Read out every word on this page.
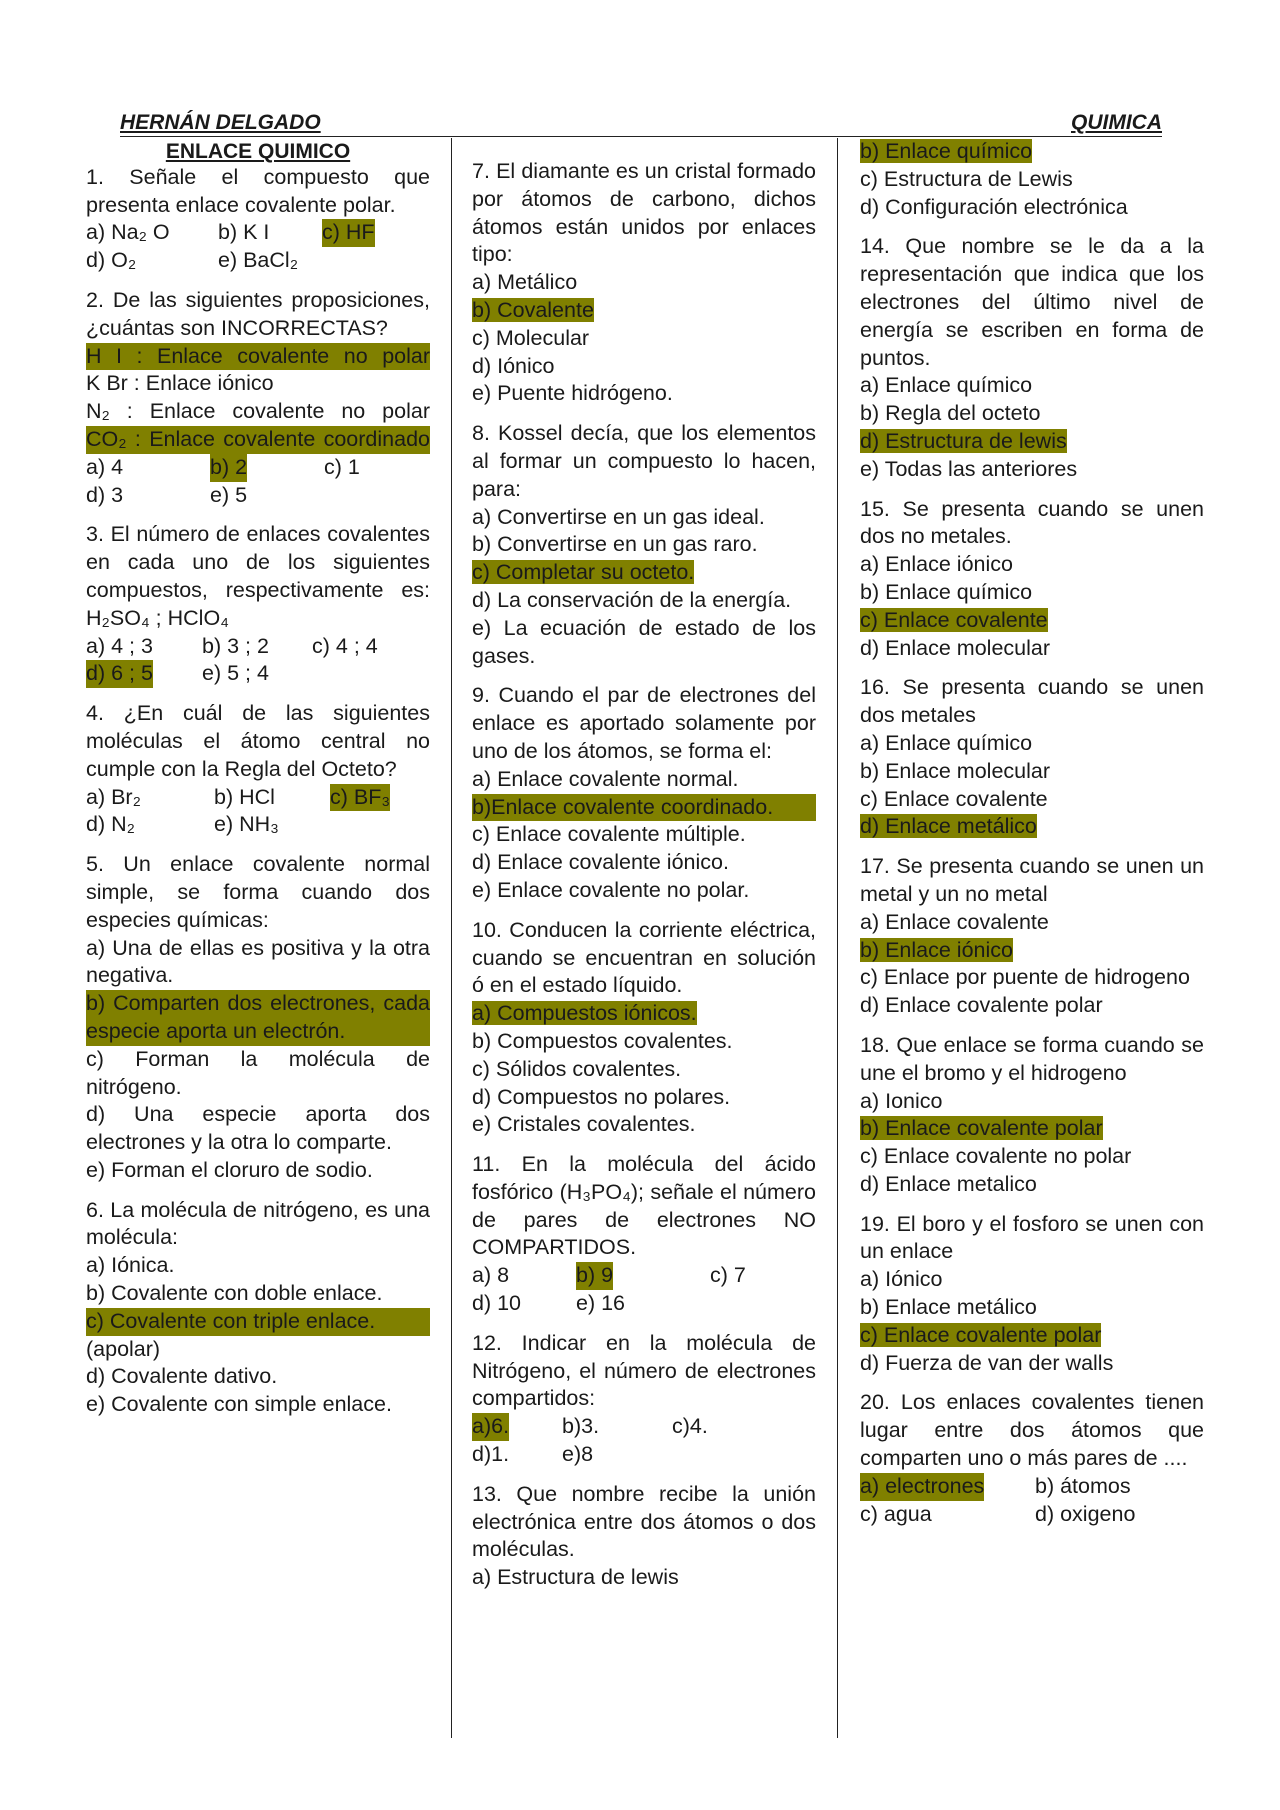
HERNÁN DELGADO	QUIMICA

ENLACE QUIMICO

1. Señale el compuesto que presenta enlace covalente polar.

a) Na₂ O	b) K I	c) HF
d) O₂	e) BaCl₂

2. De las siguientes proposiciones, ¿cuántas son INCORRECTAS?

H I : Enlace covalente no polar

K Br : Enlace iónico

N₂ : Enlace covalente no polar

CO₂ : Enlace covalente coordinado

a) 4	b) 2	c) 1
d) 3	e) 5

3. El número de enlaces covalentes en cada uno de los siguientes compuestos, respectivamente es: H₂SO₄ ; HClO₄

a) 4 ; 3	b) 3 ; 2	c) 4 ; 4
d) 6 ; 5	e) 5 ; 4

4. ¿En cuál de las siguientes moléculas el átomo central no cumple con la Regla del Octeto?

a) Br₂	b) HCl	c) BF₃
d) N₂	e) NH₃

5. Un enlace covalente normal simple, se forma cuando dos especies químicas:

a) Una de ellas es positiva y la otra negativa.

b) Comparten dos electrones, cada especie aporta un electrón.

c) Forman la molécula de nitrógeno.

d) Una especie aporta dos electrones y la otra lo comparte.

e) Forman el cloruro de sodio.

6. La molécula de nitrógeno, es una molécula:

a) Iónica.

b) Covalente con doble enlace.

c) Covalente con triple enlace.

(apolar)

d) Covalente dativo.

e) Covalente con simple enlace.

7. El diamante es un cristal formado por átomos de carbono, dichos átomos están unidos por enlaces tipo:

a) Metálico

b) Covalente

c) Molecular

d) Iónico

e) Puente hidrógeno.

8. Kossel decía, que los elementos al formar un compuesto lo hacen, para:

a) Convertirse en un gas ideal.

b) Convertirse en un gas raro.

c) Completar su octeto.

d) La conservación de la energía.

e) La ecuación de estado de los gases.

9. Cuando el par de electrones del enlace es aportado solamente por uno de los átomos, se forma el:

a) Enlace covalente normal.

b)Enlace covalente coordinado.

c) Enlace covalente múltiple.

d) Enlace covalente iónico.

e) Enlace covalente no polar.

10. Conducen la corriente eléctrica, cuando se encuentran en solución ó en el estado líquido.

a) Compuestos iónicos.

b) Compuestos covalentes.

c) Sólidos covalentes.

d) Compuestos no polares.

e) Cristales covalentes.

11. En la molécula del ácido fosfórico (H₃PO₄); señale el número de pares de electrones NO COMPARTIDOS.

a) 8	b) 9	c) 7
d) 10	e) 16

12. Indicar en la molécula de Nitrógeno, el número de electrones compartidos:

a)6.	b)3.	c)4.
d)1.	e)8

13. Que nombre recibe la unión electrónica entre dos átomos o dos moléculas.

a) Estructura de lewis

b) Enlace químico

c) Estructura de Lewis

d) Configuración electrónica

14. Que nombre se le da a la representación que indica que los electrones del último nivel de energía se escriben en forma de puntos.

a) Enlace químico

b) Regla del octeto

d) Estructura de lewis

e) Todas las anteriores

15. Se presenta cuando se unen dos no metales.

a) Enlace iónico

b) Enlace químico

c) Enlace covalente

d) Enlace molecular

16. Se presenta cuando se unen dos metales

a) Enlace químico

b) Enlace molecular

c) Enlace covalente

d) Enlace metálico

17. Se presenta cuando se unen un metal y un no metal

a) Enlace covalente

b) Enlace iónico

c) Enlace por puente de hidrogeno

d) Enlace covalente polar

18. Que enlace se forma cuando se une el bromo y el hidrogeno

a) Ionico

b) Enlace covalente polar

c) Enlace covalente no polar

d) Enlace metalico

19. El boro y el fosforo se unen con un enlace

a) Iónico

b) Enlace metálico

c) Enlace covalente polar

d) Fuerza de van der walls

20. Los enlaces covalentes tienen lugar entre dos átomos que comparten uno o más pares de ....

a) electrones	b) átomos
c) agua	d) oxigeno
